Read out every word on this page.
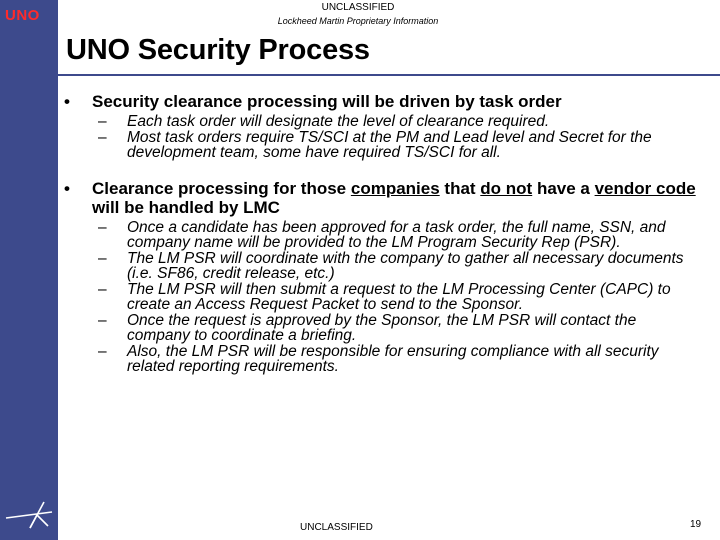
UNO	UNCLASSIFIED
Lockheed Martin Proprietary Information
UNO Security Process
• Security clearance processing will be driven by task order
– Each task order will designate the level of clearance required.
– Most task orders require TS/SCI at the PM and Lead level and Secret for the development team, some have required TS/SCI for all.
• Clearance processing for those companies that do not have a vendor code will be handled by LMC
– Once a candidate has been approved for a task order, the full name, SSN, and company name will be provided to the LM Program Security Rep (PSR).
– The LM PSR will coordinate with the company to gather all necessary documents (i.e. SF86, credit release, etc.)
– The LM PSR will then submit a request to the LM Processing Center (CAPC) to create an Access Request Packet to send to the Sponsor.
– Once the request is approved by the Sponsor, the LM PSR will contact the company to coordinate a briefing.
– Also, the LM PSR will be responsible for ensuring compliance with all security related reporting requirements.
UNCLASSIFIED	19
